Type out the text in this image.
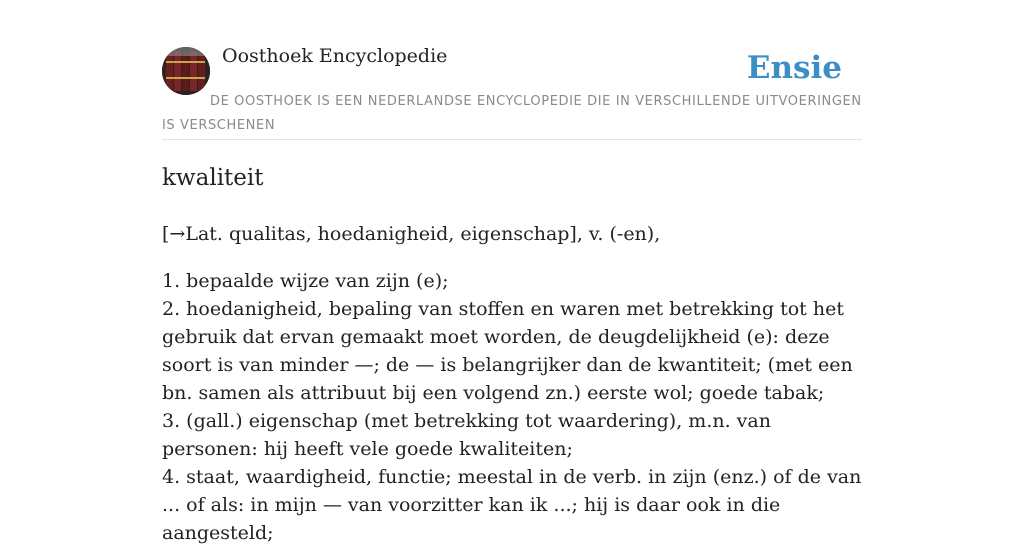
Oosthoek Encyclopedie	Ensie
DE OOSTHOEK IS EEN NEDERLANDSE ENCYCLOPEDIE DIE IN VERSCHILLENDE UITVOERINGEN IS VERSCHENEN
kwaliteit

[→Lat. qualitas, hoedanigheid, eigenschap], v. (-en),

1. bepaalde wijze van zijn (e);
2. hoedanigheid, bepaling van stoffen en waren met betrekking tot het gebruik dat ervan gemaakt moet worden, de deugdelijkheid (e): deze soort is van minder —; de — is belangrijker dan de kwantiteit; (met een bn. samen als attribuut bij een volgend zn.) eerste wol; goede tabak;
3. (gall.) eigenschap (met betrekking tot waardering), m.n. van personen: hij heeft vele goede kwaliteiten;
4. staat, waardigheid, functie; meestal in de verb. in zijn (enz.) of de van ... of als: in mijn — van voorzitter kan ik ...; hij is daar ook in die aangesteld;
